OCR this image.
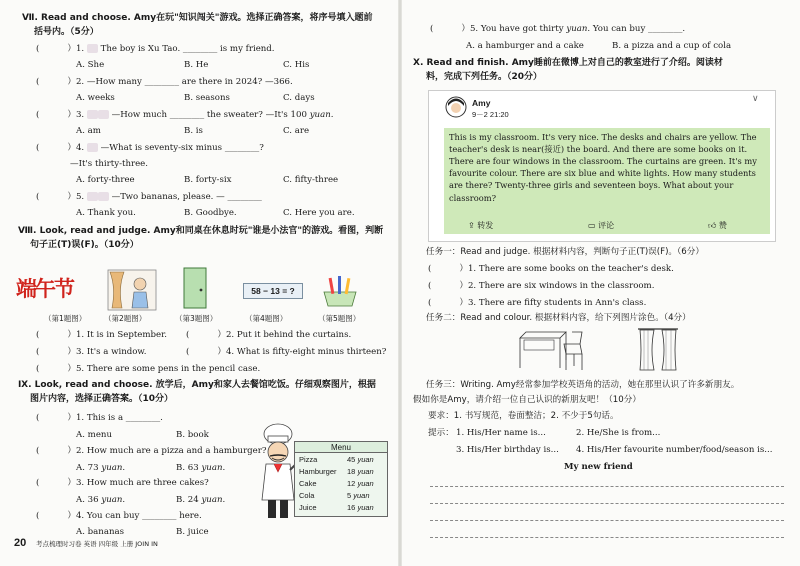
Ⅶ. Read and choose. Amy在玩"知识闯关"游戏。选择正确答案，将序号填入题前
括号内。（5分）
(	）1. The boy is Xu Tao. ________ is my friend.
A. She	B. He	C. His
(	）2. —How many ________ are there in 2024? —366.
A. weeks	B. seasons	C. days
(	）3.	—How much ________ the sweater? —It's 100 yuan.
A. am	B. is	C. are
(	）4. —What is seventy-six minus ________?
—It's thirty-three.
A. forty-three	B. forty-six	C. fifty-three
(	）5.	—Two bananas, please. — ________
A. Thank you.	B. Goodbye.	C. Here you are.
Ⅷ. Look, read and judge. Amy和同桌在休息时玩"谁是小法官"的游戏。看图，判断
句子正(T)误(F)。（10分）
端午节	58 − 13 = ?
（第1题图） （第2题图）	（第3题图）	（第4题图）	（第5题图）
(	）1. It is in September. (	）2. Put it behind the curtains.
(	）3. It's a window.	(	）4. What is fifty-eight minus thirteen?
(	）5. There are some pens in the pencil case.
Ⅸ. Look, read and choose. 放学后，Amy和家人去餐馆吃饭。仔细观察图片，根据
图片内容，选择正确答案。（10分）
(	）1. This is a ________.
A. menu	B. book
(	）2. How much are a pizza and a hamburger?
A. 73 yuan.	B. 63 yuan.
(	）3. How much are three cakes?
A. 36 yuan.	B. 24 yuan.
(	）4. You can buy ________ here.
A. bananas	B. juice
Menu
Pizza	45 yuan
Hamburger 18 yuan
Cake	12 yuan
Cola	5 yuan
Juice	16 yuan
20 考点梳理时习卷 英语 四年级 上册 JOIN IN
(	）5. You have got thirty yuan. You can buy ________.
A. a hamburger and a cake	B. a pizza and a cup of cola
Ⅹ. Read and finish. Amy睡前在微博上对自己的教室进行了介绍。阅读材
料，完成下列任务。（20分）
Amy
9－2 21:20
∨
This is my classroom. It's very nice. The desks and chairs are yellow. The teacher's desk is near(接近) the board. And there are some books on it. There are four windows in the classroom. The curtains are green. It's my favourite colour. There are six blue and white lights. How many students are there? Twenty-three girls and seventeen boys. What about your classroom?
⇪ 转发	▭ 评论	👍︎ 赞
任务一：Read and judge. 根据材料内容，判断句子正(T)误(F)。（6分）
(	）1. There are some books on the teacher's desk.
(	）2. There are six windows in the classroom.
(	）3. There are fifty students in Ann's class.
任务二：Read and colour. 根据材料内容，给下列图片涂色。（4分）
任务三：Writing. Amy经常参加学校英语角的活动，她在那里认识了许多新朋友。
假如你是Amy，请介绍一位自己认识的新朋友吧！（10分）
要求：1. 书写规范，卷面整洁；2. 不少于5句话。
提示： 1. His/Her name is...	2. He/She is from...
3. His/Her birthday is... 4. His/Her favourite number/food/season is...
My new friend
